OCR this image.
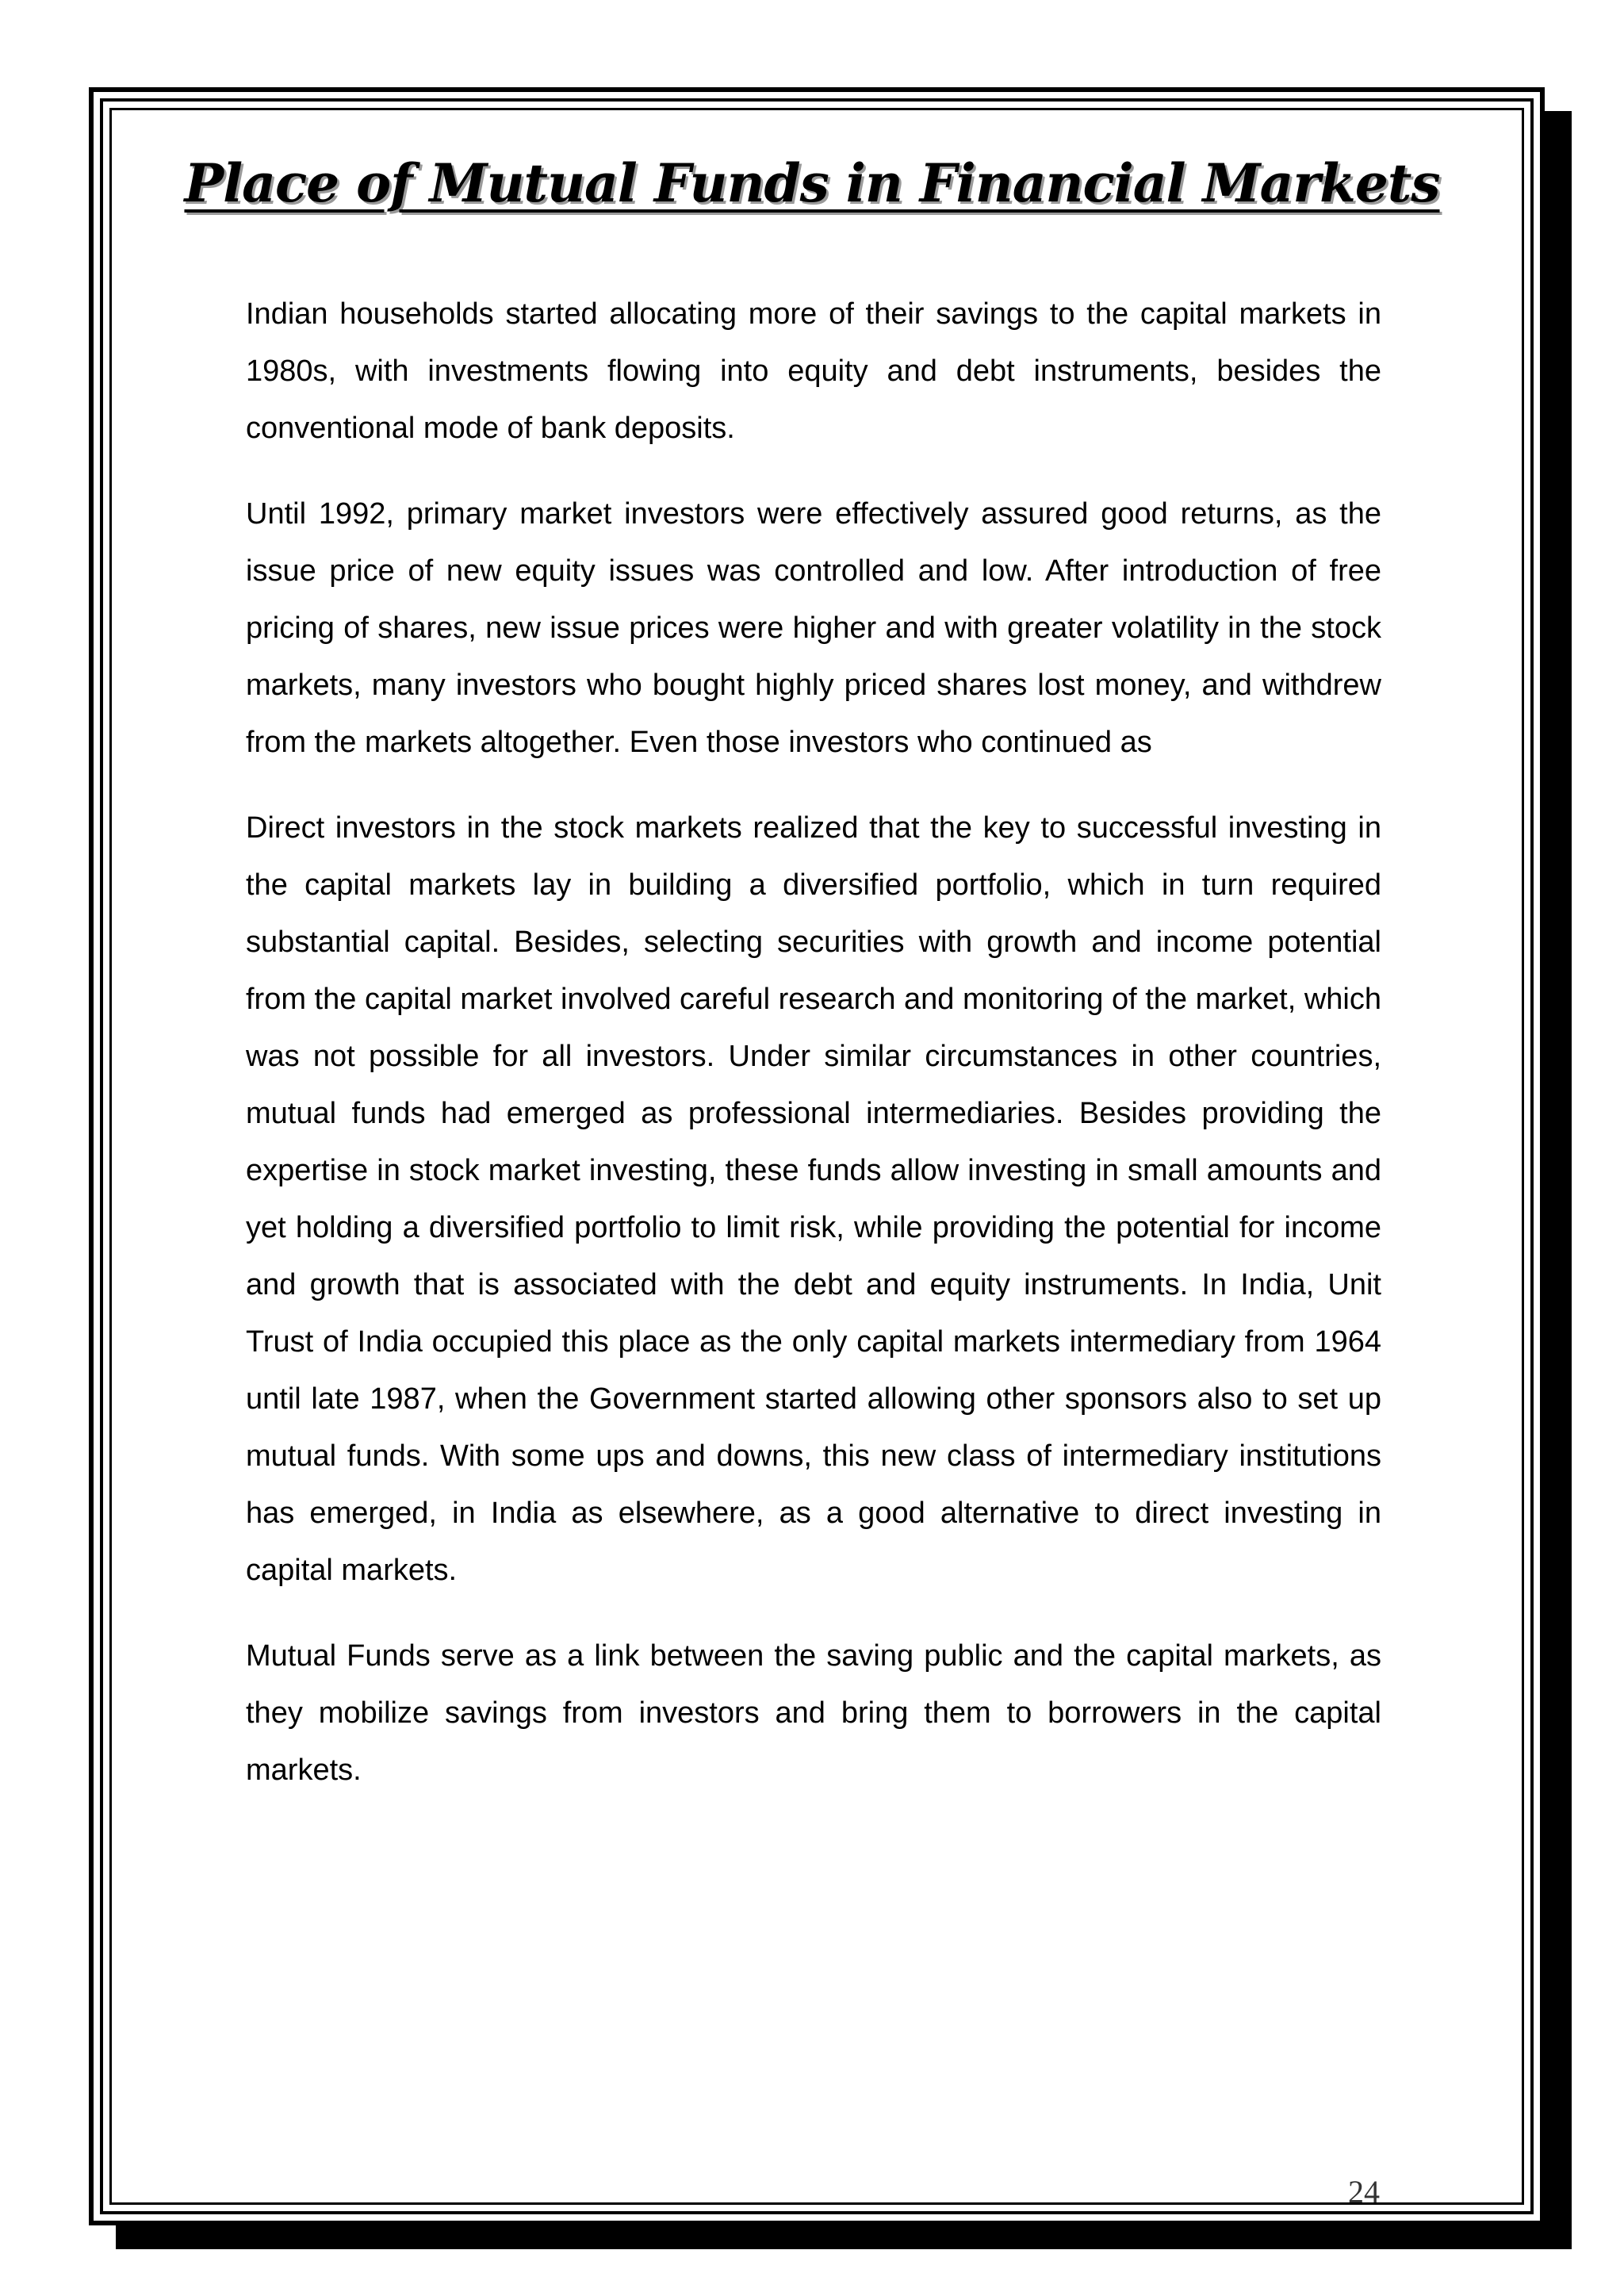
Place of Mutual Funds in Financial Markets

Indian households started allocating more of their savings to the capital markets in 1980s, with investments flowing into equity and debt instruments, besides the conventional mode of bank deposits.

Until 1992, primary market investors were effectively assured good returns, as the issue price of new equity issues was controlled and low. After introduction of free pricing of shares, new issue prices were higher and with greater volatility in the stock markets, many investors who bought highly priced shares lost money, and withdrew from the markets altogether. Even those investors who continued as

Direct investors in the stock markets realized that the key to successful investing in the capital markets lay in building a diversified portfolio, which in turn required substantial capital. Besides, selecting securities with growth and income potential from the capital market involved careful research and monitoring of the market, which was not possible for all investors. Under similar circumstances in other countries, mutual funds had emerged as professional intermediaries. Besides providing the expertise in stock market investing, these funds allow investing in small amounts and yet holding a diversified portfolio to limit risk, while providing the potential for income and growth that is associated with the debt and equity instruments. In India, Unit Trust of India occupied this place as the only capital markets intermediary from 1964 until late 1987, when the Government started allowing other sponsors also to set up mutual funds. With some ups and downs, this new class of intermediary institutions has emerged, in India as elsewhere, as a good alternative to direct investing in capital markets.

Mutual Funds serve as a link between the saving public and the capital markets, as they mobilize savings from investors and bring them to borrowers in the capital markets.

24
